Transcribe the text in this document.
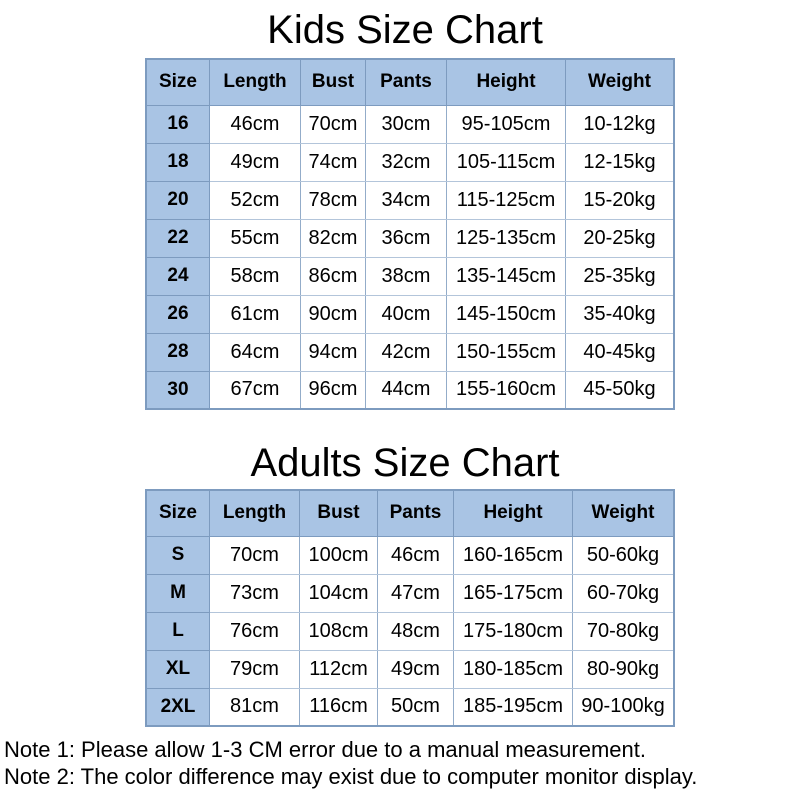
Kids Size Chart
Size	Length	Bust	Pants	Height	Weight
16	46cm	70cm	30cm	95-105cm	10-12kg
18	49cm	74cm	32cm	105-115cm	12-15kg
20	52cm	78cm	34cm	115-125cm	15-20kg
22	55cm	82cm	36cm	125-135cm	20-25kg
24	58cm	86cm	38cm	135-145cm	25-35kg
26	61cm	90cm	40cm	145-150cm	35-40kg
28	64cm	94cm	42cm	150-155cm	40-45kg
30	67cm	96cm	44cm	155-160cm	45-50kg
Adults Size Chart
Size	Length	Bust	Pants	Height	Weight
S	70cm	100cm	46cm	160-165cm	50-60kg
M	73cm	104cm	47cm	165-175cm	60-70kg
L	76cm	108cm	48cm	175-180cm	70-80kg
XL	79cm	112cm	49cm	180-185cm	80-90kg
2XL	81cm	116cm	50cm	185-195cm	90-100kg

Note 1: Please allow 1-3 CM error due to a manual measurement.

Note 2: The color difference may exist due to computer monitor display.
